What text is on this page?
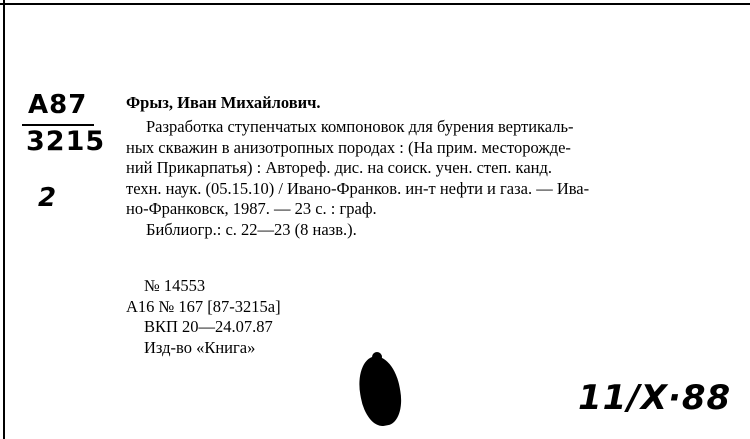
А87
3215
2
Фрыз, Иван Михайлович.
Разработка ступенчатых компоновок для бурения вертикаль-
ных скважин в анизотропных породах : (На прим. месторожде-
ний Прикарпатья) : Автореф. дис. на соиск. учен. степ. канд.
техн. наук. (05.15.10) / Ивано-Франков. ин-т нефти и газа. — Ива-
но-Франковск, 1987. — 23 с. : граф.
Библиогр.: с. 22—23 (8 назв.).
№ 14553
А16 № 167 [87-3215а]
ВКП 20—24.07.87
Изд-во «Книга»
11/X·88
